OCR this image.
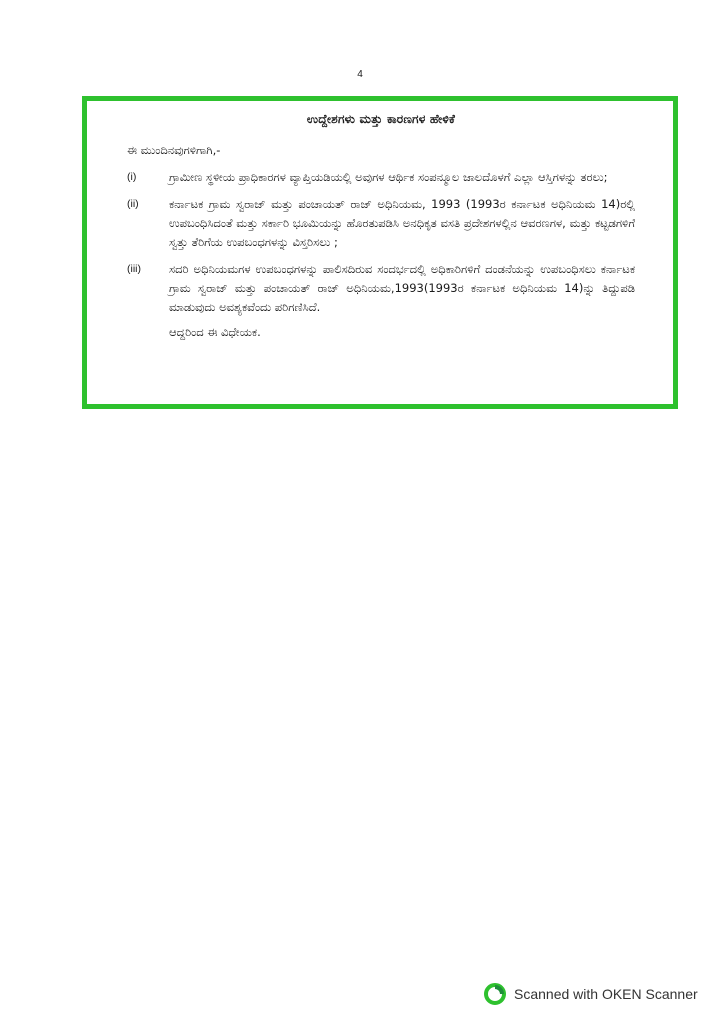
4
ಉದ್ದೇಶಗಳು ಮತ್ತು ಕಾರಣಗಳ ಹೇಳಿಕೆ
ಈ ಮುಂದಿನವುಗಳಿಗಾಗಿ,-
(i)	ಗ್ರಾಮೀಣ ಸ್ಥಳೀಯ ಪ್ರಾಧಿಕಾರಗಳ ವ್ಯಾಪ್ತಿಯಡಿಯಲ್ಲಿ ಅವುಗಳ ಆರ್ಥಿಕ ಸಂಪನ್ಮೂಲ ಜಾಲದೊಳಗೆ ಎಲ್ಲಾ ಆಸ್ತಿಗಳನ್ನು ತರಲು;
(ii)	ಕರ್ನಾಟಕ ಗ್ರಾಮ ಸ್ವರಾಜ್ ಮತ್ತು ಪಂಚಾಯತ್ ರಾಜ್ ಅಧಿನಿಯಮ, 1993 (1993ರ ಕರ್ನಾಟಕ ಅಧಿನಿಯಮ 14)ರಲ್ಲಿ ಉಪಬಂಧಿಸಿದಂತೆ ಮತ್ತು ಸರ್ಕಾರಿ ಭೂಮಿಯನ್ನು ಹೊರತುಪಡಿಸಿ ಅನಧಿಕೃತ ವಸತಿ ಪ್ರದೇಶಗಳಲ್ಲಿನ ಆವರಣಗಳ, ಮತ್ತು ಕಟ್ಟಡಗಳಿಗೆ ಸ್ವತ್ತು ತೆರಿಗೆಯ ಉಪಬಂಧಗಳನ್ನು ವಿಸ್ತರಿಸಲು ;
(iii)	ಸದರಿ ಅಧಿನಿಯಮಗಳ ಉಪಬಂಧಗಳನ್ನು ಪಾಲಿಸದಿರುವ ಸಂದರ್ಭದಲ್ಲಿ ಅಧಿಕಾರಿಗಳಿಗೆ ದಂಡನೆಯನ್ನು ಉಪಬಂಧಿಸಲು ಕರ್ನಾಟಕ ಗ್ರಾಮ ಸ್ವರಾಜ್ ಮತ್ತು ಪಂಚಾಯತ್ ರಾಜ್ ಅಧಿನಿಯಮ,1993(1993ರ ಕರ್ನಾಟಕ ಅಧಿನಿಯಮ 14)ನ್ನು ತಿದ್ದುಪಡಿ ಮಾಡುವುದು ಅವಶ್ಯಕವೆಂದು ಪರಿಗಣಿಸಿದೆ.
ಆದ್ದರಿಂದ ಈ ವಿಧೇಯಕ.
Scanned with OKEN Scanner
